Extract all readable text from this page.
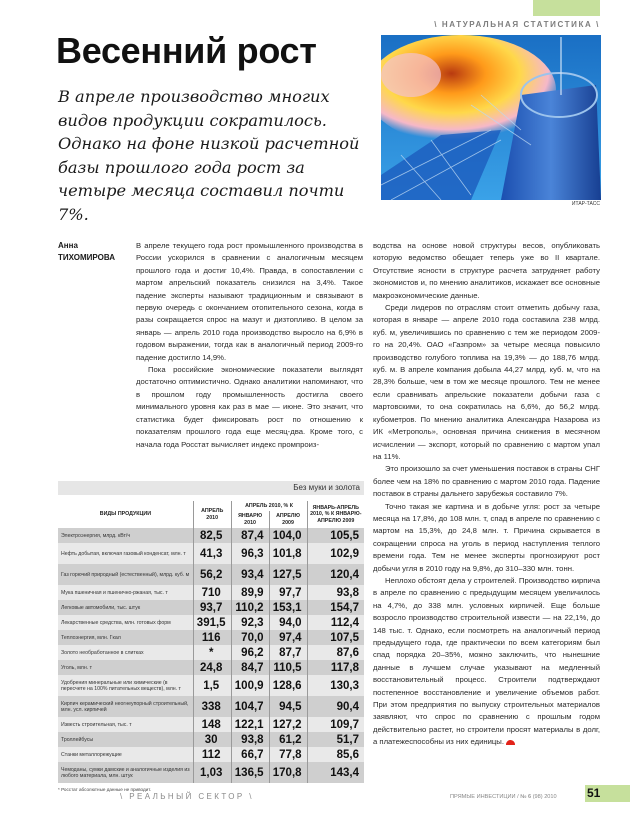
\ НАТУРАЛЬНАЯ СТАТИСТИКА \
Весенний рост

В апреле производство многих видов продукции сократилось. Однако на фоне низкой расчетной базы прошлого года рост за четыре месяца составил почти 7%.

ИТАР-ТАСС
Анна
ТИХОМИРОВА

В апреле текущего года рост промышленного производства в России ускорился в сравнении с аналогичным месяцем прошлого года и достиг 10,4%. Правда, в сопоставлении с мартом апрельский показатель снизился на 3,4%. Такое падение эксперты называют традиционным и связывают в первую очередь с окончанием отопительного сезона, когда в разы сокращается спрос на мазут и дизтопливо. В целом за январь — апрель 2010 года производство выросло на 6,9% в годовом выражении, тогда как в аналогичный период 2009-го падение достигло 14,9%.

Пока российские экономические показатели выглядят достаточно оптимистично. Однако аналитики напоминают, что в прошлом году промышленность достигла своего минимального уровня как раз в мае — июне. Это значит, что статистика будет фиксировать рост по отношению к показателям прошлого года еще месяц-два. Кроме того, с начала года Росстат вычисляет индекс промпроиз-

водства на основе новой структуры весов, опубликовать которую ведомство обещает теперь уже во II квартале. Отсутствие ясности в структуре расчета затрудняет работу экономистов и, по мнению аналитиков, искажает все основные макроэкономические данные.

Среди лидеров по отраслям стоит отметить добычу газа, которая в январе — апреле 2010 года составила 238 млрд. куб. м, увеличившись по сравнению с тем же периодом 2009-го на 20,4%. ОАО «Газпром» за четыре месяца повысило производство голубого топлива на 19,3% — до 188,76 млрд. куб. м. В апреле компания добыла 44,27 млрд. куб. м, что на 28,3% больше, чем в том же месяце прошлого. Тем не менее если сравнивать апрельские показатели добычи газа с мартовскими, то она сократилась на 6,6%, до 56,2 млрд. кубометров. По мнению аналитика Александра Назарова из ИК «Метрополь», основная причина снижения в месячном исчислении — экспорт, который по сравнению с мартом упал на 11%.

Это произошло за счет уменьшения поставок в страны СНГ более чем на 18% по сравнению с мартом 2010 года. Падение поставок в страны дальнего зарубежья составило 7%.

Точно такая же картина и в добыче угля: рост за четыре месяца на 17,8%, до 108 млн. т, спад в апреле по сравнению с мартом на 15,3%, до 24,8 млн. т. Причина скрывается в сокращении спроса на уголь в период наступления теплого времени года. Тем не менее эксперты прогнозируют рост добычи угля в 2010 году на 9,8%, до 310–330 млн. тонн.

Неплохо обстоят дела у строителей. Производство кирпича в апреле по сравнению с предыдущим месяцем увеличилось на 4,7%, до 338 млн. условных кирпичей. Еще больше возросло производство строительной извести — на 22,1%, до 148 тыс. т. Однако, если посмотреть на аналогичный период предыдущего года, где практически по всем категориям был спад порядка 20–35%, можно заключить, что нынешние данные в лучшем случае указывают на медленный восстановительный процесс. Строители подтверждают постепенное восстановление и увеличение объемов работ. При этом предприятия по выпуску строительных материалов заявляют, что спрос по сравнению с прошлым годом действительно растет, но строители просят материалы в долг, а платежеспособны из них единицы.

Без муки и золота
ВИДЫ ПРОДУКЦИИ	АПРЕЛЬ 2010	АПРЕЛЬ 2010, % К		ЯНВАРЬ-АПРЕЛЬ 2010, % К ЯНВАРЮ-АПРЕЛЮ 2009
		ЯНВАРЮ 2010	АПРЕЛЮ 2009	
Электроэнергия, млрд. кВт/ч	82,5	87,4	104,0	105,5
Нефть добытая, включая газовый конденсат, млн. т	41,3	96,3	101,8	102,9
Газ горючий природный (естественный), млрд. куб. м	56,2	93,4	127,5	120,4
Мука пшеничная и пшенично-ржаная, тыс. т	710	89,9	97,7	93,8
Легковые автомобили, тыс. штук	93,7	110,2	153,1	154,7
Лекарственные средства, млн. готовых форм	391,5	92,3	94,0	112,4
Теплоэнергия, млн. Гкал	116	70,0	97,4	107,5
Золото необработанное в слитках	*	96,2	87,7	87,6
Уголь, млн. т	24,8	84,7	110,5	117,8
Удобрения минеральные или химические (в пересчете на 100% питательных веществ), млн. т	1,5	100,9	128,6	130,3
Кирпич керамический неогнеупорный строительный, млн. усл. кирпичей	338	104,7	94,5	90,4
Известь строительная, тыс. т	148	122,1	127,2	109,7
Троллейбусы	30	93,8	61,2	51,7
Станки металлорежущие	112	66,7	77,8	85,6
Чемоданы, сумки дамские и аналогичные изделия из любого материала, млн. штук	1,03	136,5	170,8	143,4
* Росстат абсолютные данные не приводит.
\ РЕАЛЬНЫЙ СЕКТОР \	ПРЯМЫЕ ИНВЕСТИЦИИ / № 6 (98) 2010	51
